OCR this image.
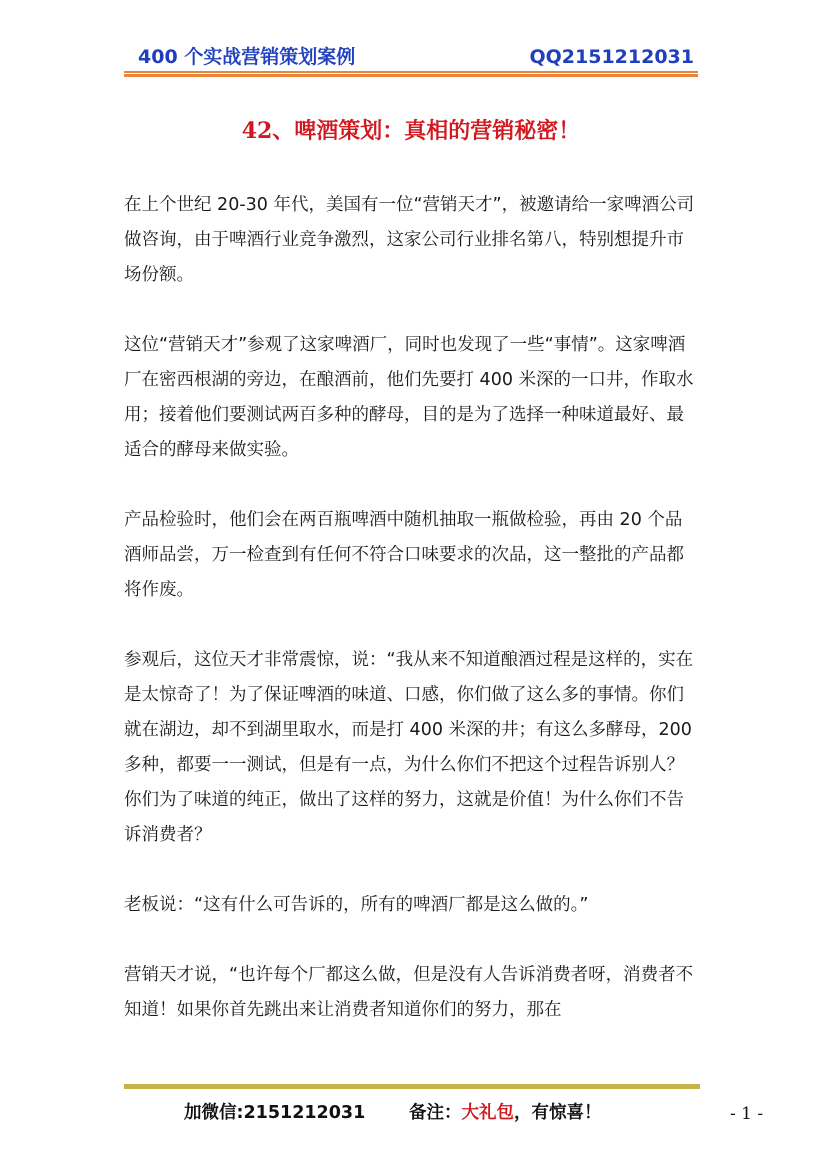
400 个实战营销策划案例	QQ2151212031
42、啤酒策划：真相的营销秘密！

在上个世纪 20-30 年代，美国有一位“营销天才”，被邀请给一家啤酒公司做咨询，由于啤酒行业竞争激烈，这家公司行业排名第八，特别想提升市场份额。

这位“营销天才”参观了这家啤酒厂，同时也发现了一些“事情”。这家啤酒厂在密西根湖的旁边，在酿酒前，他们先要打 400 米深的一口井，作取水用；接着他们要测试两百多种的酵母，目的是为了选择一种味道最好、最适合的酵母来做实验。

产品检验时，他们会在两百瓶啤酒中随机抽取一瓶做检验，再由 20 个品酒师品尝，万一检查到有任何不符合口味要求的次品，这一整批的产品都将作废。

参观后，这位天才非常震惊，说：“我从来不知道酿酒过程是这样的，实在是太惊奇了！为了保证啤酒的味道、口感，你们做了这么多的事情。你们就在湖边，却不到湖里取水，而是打 400 米深的井；有这么多酵母，200 多种，都要一一测试，但是有一点，为什么你们不把这个过程告诉别人？你们为了味道的纯正，做出了这样的努力，这就是价值！为什么你们不告诉消费者？

老板说：“这有什么可告诉的，所有的啤酒厂都是这么做的。”

营销天才说，“也许每个厂都这么做，但是没有人告诉消费者呀，消费者不知道！如果你首先跳出来让消费者知道你们的努力，那在

加微信:2151212031 备注：大礼包，有惊喜！	- 1 -
